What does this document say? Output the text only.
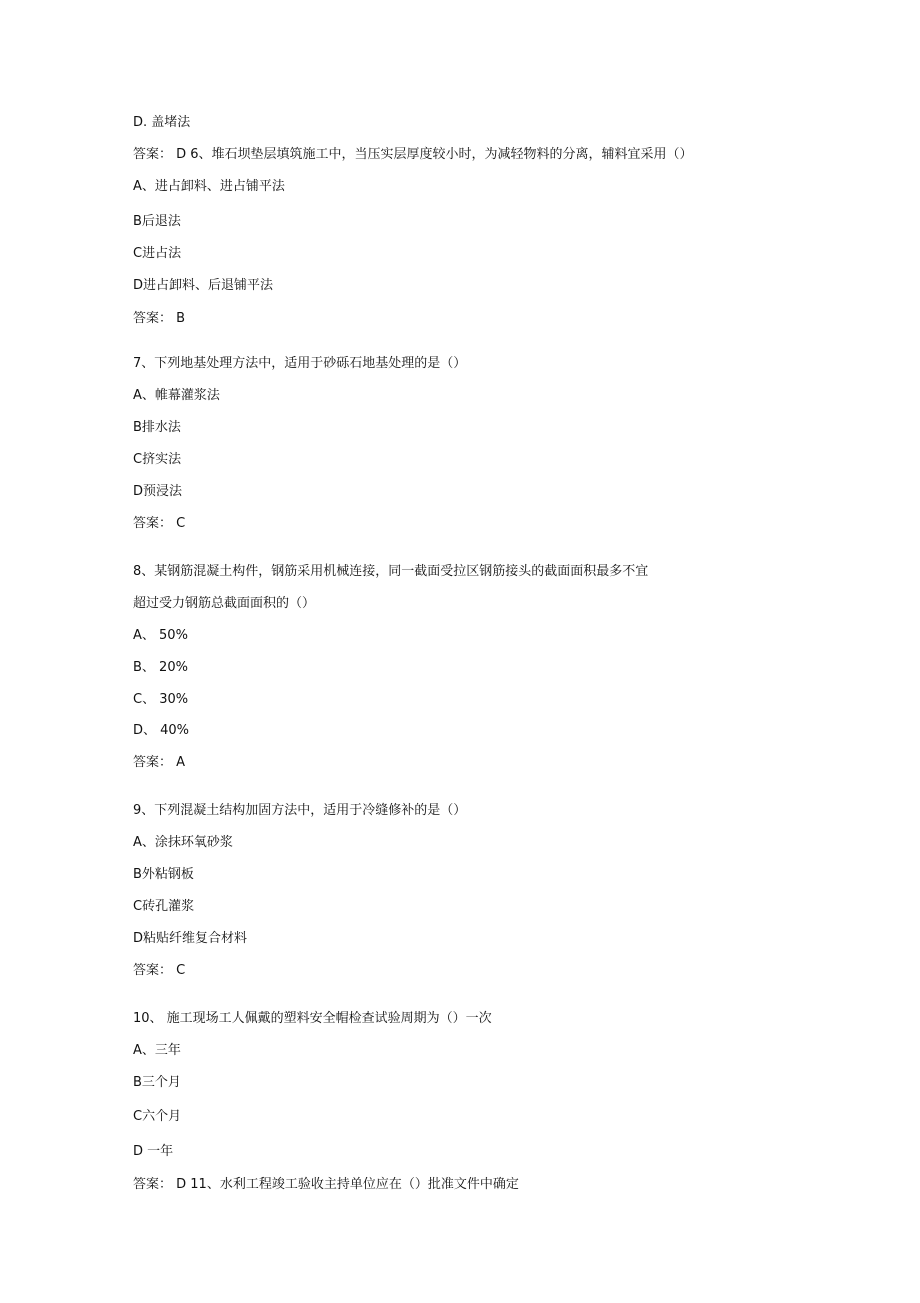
D. 盖堵法
答案： D 6、堆石坝垫层填筑施工中，当压实层厚度较小时，为减轻物料的分离，辅料宜采用（）
A、进占卸料、进占铺平法
B后退法
C进占法
D进占卸料、后退铺平法
答案： B
7、下列地基处理方法中，适用于砂砾石地基处理的是（）
A、帷幕灌浆法
B排水法
C挤实法
D预浸法
答案： C
8、某钢筋混凝土构件，钢筋采用机械连接，同一截面受拉区钢筋接头的截面面积最多不宜
超过受力钢筋总截面面积的（）
A、 50%
B、 20%
C、 30%
D、 40%
答案： A
9、下列混凝土结构加固方法中，适用于冷缝修补的是（）
A、涂抹环氧砂浆
B外粘钢板
C砖孔灌浆
D粘贴纤维复合材料
答案： C
10、 施工现场工人佩戴的塑料安全帽检查试验周期为（）一次
A、三年
B三个月
C六个月
D 一年
答案： D 11、水利工程竣工验收主持单位应在（）批准文件中确定
